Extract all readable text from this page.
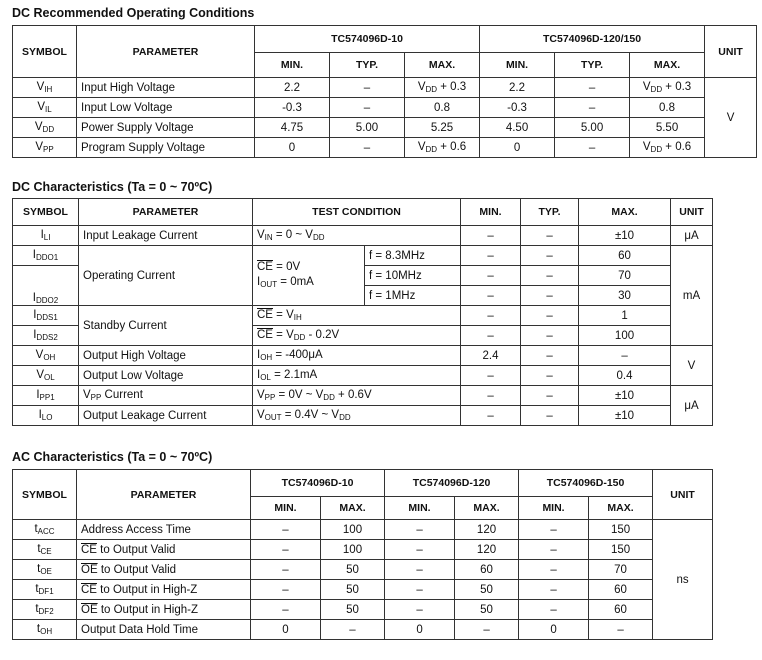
DC Recommended Operating Conditions
SYMBOL	PARAMETER	TC574096D-10			TC574096D-120/150			UNIT
		MIN.	TYP.	MAX.	MIN.	TYP.	MAX.	
$V_{IH}$	Input High Voltage	2.2	–	$V_{DD} + 0.3$	2.2	–	$V_{DD} + 0.3$	V
$V_{IL}$	Input Low Voltage	-0.3	–	0.8	-0.3	–	0.8	
$V_{DD}$	Power Supply Voltage	4.75	5.00	5.25	4.50	5.00	5.50	
$V_{PP}$	Program Supply Voltage	0	–	$V_{DD} + 0.6$	0	–	$V_{DD} + 0.6$	
DC Characteristics (Ta = 0 ~ 70ºC)
SYMBOL	PARAMETER	TEST CONDITION		MIN.	TYP.	MAX.	UNIT	
$I_{LI}$	Input Leakage Current	$V_{IN} = 0$ ~ $V_{DD}$		–	–	±10	μA	
$I_{DDO1}$	Operating Current	$\overline{CE} = 0V$
$I_{OUT} = 0mA$	f = 8.3MHz	–	–	60	mA	
$I_{DDO2}$			f = 10MHz	–	–	70		
			f = 1MHz	–	–	30		
$I_{DDS1}$	Standby Current	$\overline{CE} = V_{IH}$		–	–	1		
$I_{DDS2}$		$\overline{CE} = V_{DD} - 0.2V$		–	–	100	
$V_{OH}$	Output High Voltage	$I_{OH} = -400\mu A$		2.4	–	–	V	
$V_{OL}$	Output Low Voltage	$I_{OL} = 2.1mA$		–	–	0.4		
$I_{PP1}$	$V_{PP}$ Current	$V_{PP} = 0V$ ~ $V_{DD} + 0.6V$		–	–	±10	μA	
$I_{LO}$	Output Leakage Current	$V_{OUT} = 0.4V$ ~ $V_{DD}$		–	–	±10		
AC Characteristics (Ta = 0 ~ 70ºC)
SYMBOL	PARAMETER	TC574096D-10		TC574096D-120		TC574096D-150		UNIT
		MIN.	MAX.	MIN.	MAX.	MIN.	MAX.	
$t_{ACC}$	Address Access Time	–	100	–	120	–	150	ns
$t_{CE}$	$\overline{CE}$ to Output Valid	–	100	–	120	–	150	
$t_{OE}$	$\overline{OE}$ to Output Valid	–	50	–	60	–	70	
$t_{DF1}$	$\overline{CE}$ to Output in High-Z	–	50	–	50	–	60	
$t_{DF2}$	$\overline{OE}$ to Output in High-Z	–	50	–	50	–	60	
$t_{OH}$	Output Data Hold Time	0	–	0	–	0	–	
